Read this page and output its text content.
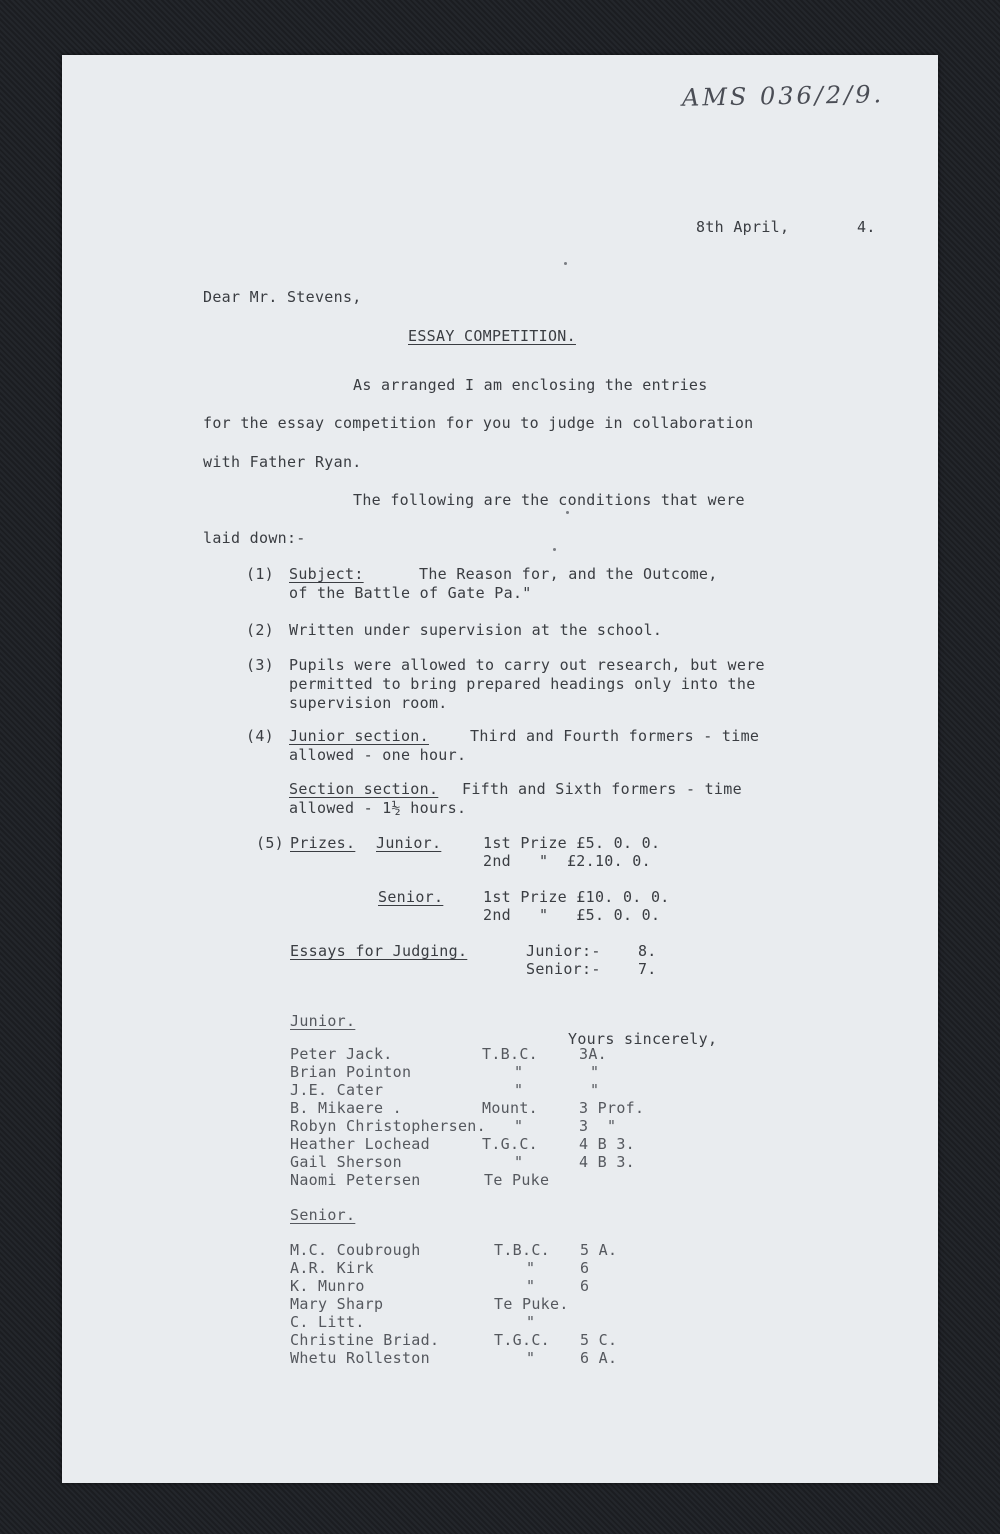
AMS 036/2/9.
8th April,	4.
Dear Mr. Stevens,
ESSAY COMPETITION.
As arranged I am enclosing the entries
for the essay competition for you to judge in collaboration
with Father Ryan.
The following are the conditions that were
laid down:-
(1) Subject:	The Reason for, and the Outcome,
of the Battle of Gate Pa."
(2) Written under supervision at the school.
(3) Pupils were allowed to carry out research, but were
permitted to bring prepared headings only into the
supervision room.
(4) Junior section.	Third and Fourth formers - time
allowed - one hour.
Section section. Fifth and Sixth formers - time
allowed - 1½ hours.
(5) Prizes. Junior.	1st Prize £5. 0. 0.
2nd   "  £2.10. 0.
Senior.	1st Prize £10. 0. 0.
2nd   "   £5. 0. 0.
Essays for Judging.	Junior:-    8.
Senior:-    7.
Junior.
Yours sincerely,
Peter Jack.	T.B.C.	3A.
Brian Pointon	"	"
J.E. Cater	"	"
B. Mikaere .	Mount.	3 Prof.
Robyn Christophersen. "	3  "
Heather Lochead	T.G.C.	4 B 3.
Gail Sherson	"	4 B 3.
Naomi Petersen	Te Puke
Senior.
M.C. Coubrough	T.B.C. 5 A.
A.R. Kirk	"	6
K. Munro	"	6
Mary Sharp	Te Puke.
C. Litt.	"
Christine Briad.	T.G.C. 5 C.
Whetu Rolleston	"	6 A.
